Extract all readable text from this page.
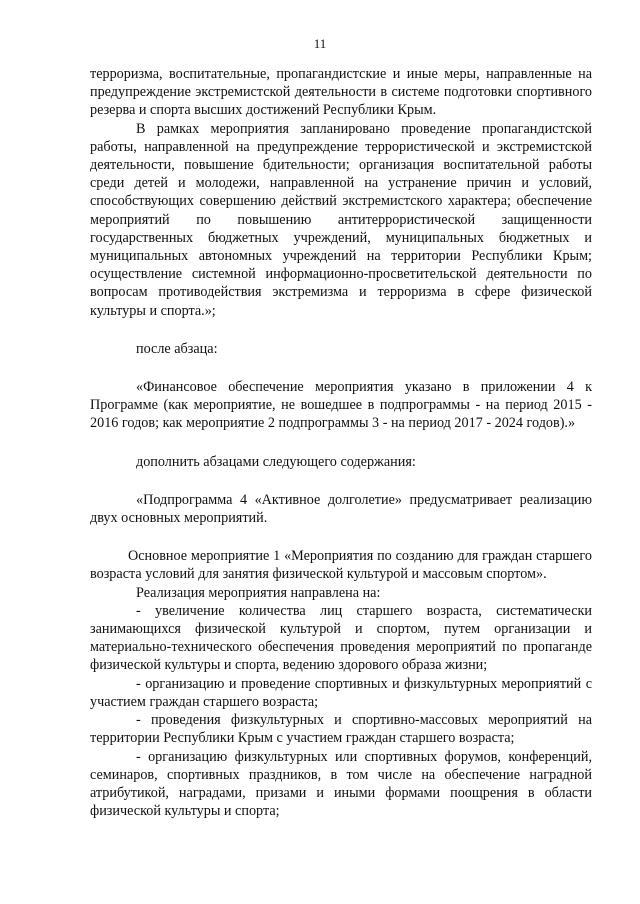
11

терроризма, воспитательные, пропагандистские и иные меры, направленные на предупреждение экстремистской деятельности в системе подготовки спортивного резерва и спорта высших достижений Республики Крым.

В рамках мероприятия запланировано проведение пропагандистской работы, направленной на предупреждение террористической и экстремистской деятельности, повышение бдительности; организация воспитательной работы среди детей и молодежи, направленной на устранение причин и условий, способствующих совершению действий экстремистского характера; обеспечение мероприятий по повышению антитеррористической защищенности государственных бюджетных учреждений, муниципальных бюджетных и муниципальных автономных учреждений на территории Республики Крым; осуществление системной информационно-просветительской деятельности по вопросам противодействия экстремизма и терроризма в сфере физической культуры и спорта.»;

после абзаца:

«Финансовое обеспечение мероприятия указано в приложении 4 к Программе (как мероприятие, не вошедшее в подпрограммы - на период 2015 - 2016 годов; как мероприятие 2 подпрограммы 3 - на период 2017 - 2024 годов).»

дополнить абзацами следующего содержания:

«Подпрограмма 4 «Активное долголетие» предусматривает реализацию двух основных мероприятий.

Основное мероприятие 1 «Мероприятия по созданию для граждан старшего возраста условий для занятия физической культурой и массовым спортом».

Реализация мероприятия направлена на:

- увеличение количества лиц старшего возраста, систематически занимающихся физической культурой и спортом, путем организации и материально-технического обеспечения проведения мероприятий по пропаганде физической культуры и спорта, ведению здорового образа жизни;

- организацию и проведение спортивных и физкультурных мероприятий с участием граждан старшего возраста;

- проведения физкультурных и спортивно-массовых мероприятий на территории Республики Крым с участием граждан старшего возраста;

- организацию физкультурных или спортивных форумов, конференций, семинаров, спортивных праздников, в том числе на обеспечение наградной атрибутикой, наградами, призами и иными формами поощрения в области физической культуры и спорта;
